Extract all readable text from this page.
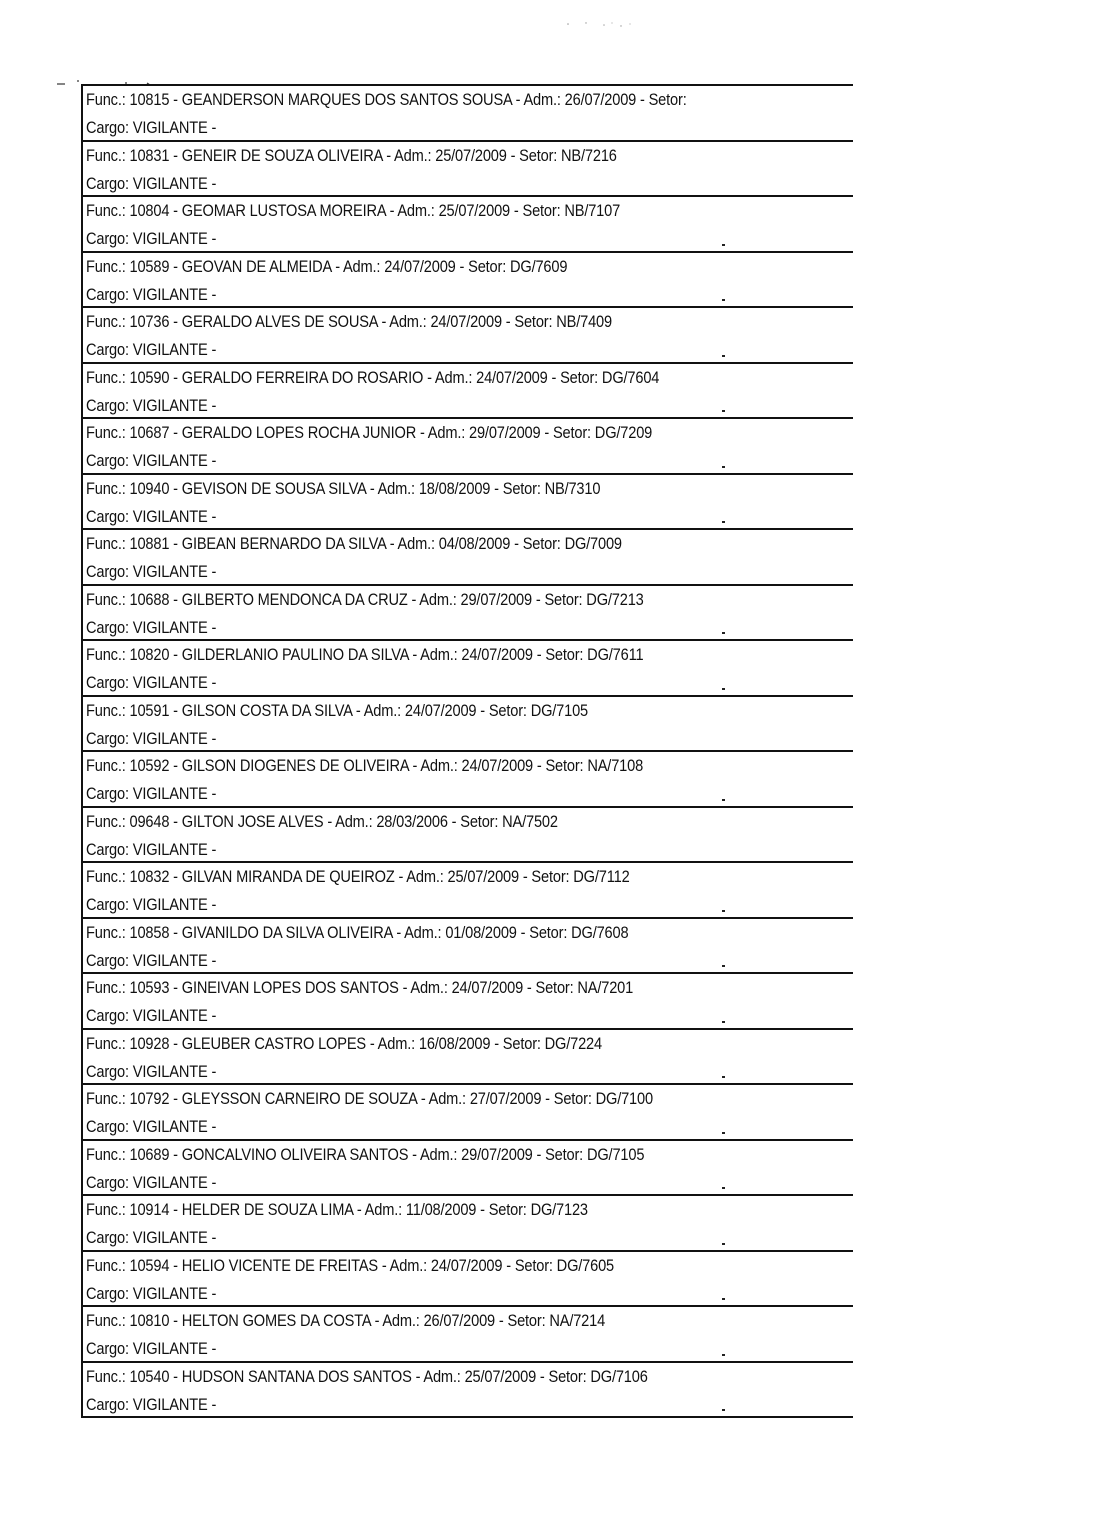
Func.: 10815 - GEANDERSON MARQUES DOS SANTOS SOUSA - Adm.: 26/07/2009 - Setor:
Cargo: VIGILANTE -
Func.: 10831 - GENEIR DE SOUZA OLIVEIRA - Adm.: 25/07/2009 - Setor: NB/7216
Cargo: VIGILANTE -
Func.: 10804 - GEOMAR LUSTOSA MOREIRA - Adm.: 25/07/2009 - Setor: NB/7107
Cargo: VIGILANTE -
Func.: 10589 - GEOVAN DE ALMEIDA - Adm.: 24/07/2009 - Setor: DG/7609
Cargo: VIGILANTE -
Func.: 10736 - GERALDO ALVES DE SOUSA - Adm.: 24/07/2009 - Setor: NB/7409
Cargo: VIGILANTE -
Func.: 10590 - GERALDO FERREIRA DO ROSARIO - Adm.: 24/07/2009 - Setor: DG/7604
Cargo: VIGILANTE -
Func.: 10687 - GERALDO LOPES ROCHA JUNIOR - Adm.: 29/07/2009 - Setor: DG/7209
Cargo: VIGILANTE -
Func.: 10940 - GEVISON DE SOUSA SILVA - Adm.: 18/08/2009 - Setor: NB/7310
Cargo: VIGILANTE -
Func.: 10881 - GIBEAN BERNARDO DA SILVA - Adm.: 04/08/2009 - Setor: DG/7009
Cargo: VIGILANTE -
Func.: 10688 - GILBERTO MENDONCA DA CRUZ - Adm.: 29/07/2009 - Setor: DG/7213
Cargo: VIGILANTE -
Func.: 10820 - GILDERLANIO PAULINO DA SILVA - Adm.: 24/07/2009 - Setor: DG/7611
Cargo: VIGILANTE -
Func.: 10591 - GILSON COSTA DA SILVA - Adm.: 24/07/2009 - Setor: DG/7105
Cargo: VIGILANTE -
Func.: 10592 - GILSON DIOGENES DE OLIVEIRA - Adm.: 24/07/2009 - Setor: NA/7108
Cargo: VIGILANTE -
Func.: 09648 - GILTON JOSE ALVES - Adm.: 28/03/2006 - Setor: NA/7502
Cargo: VIGILANTE -
Func.: 10832 - GILVAN MIRANDA DE QUEIROZ - Adm.: 25/07/2009 - Setor: DG/7112
Cargo: VIGILANTE -
Func.: 10858 - GIVANILDO DA SILVA OLIVEIRA - Adm.: 01/08/2009 - Setor: DG/7608
Cargo: VIGILANTE -
Func.: 10593 - GINEIVAN LOPES DOS SANTOS - Adm.: 24/07/2009 - Setor: NA/7201
Cargo: VIGILANTE -
Func.: 10928 - GLEUBER CASTRO LOPES - Adm.: 16/08/2009 - Setor: DG/7224
Cargo: VIGILANTE -
Func.: 10792 - GLEYSSON CARNEIRO DE SOUZA - Adm.: 27/07/2009 - Setor: DG/7100
Cargo: VIGILANTE -
Func.: 10689 - GONCALVINO OLIVEIRA SANTOS - Adm.: 29/07/2009 - Setor: DG/7105
Cargo: VIGILANTE -
Func.: 10914 - HELDER DE SOUZA LIMA - Adm.: 11/08/2009 - Setor: DG/7123
Cargo: VIGILANTE -
Func.: 10594 - HELIO VICENTE DE FREITAS - Adm.: 24/07/2009 - Setor: DG/7605
Cargo: VIGILANTE -
Func.: 10810 - HELTON GOMES DA COSTA - Adm.: 26/07/2009 - Setor: NA/7214
Cargo: VIGILANTE -
Func.: 10540 - HUDSON SANTANA DOS SANTOS - Adm.: 25/07/2009 - Setor: DG/7106
Cargo: VIGILANTE -
